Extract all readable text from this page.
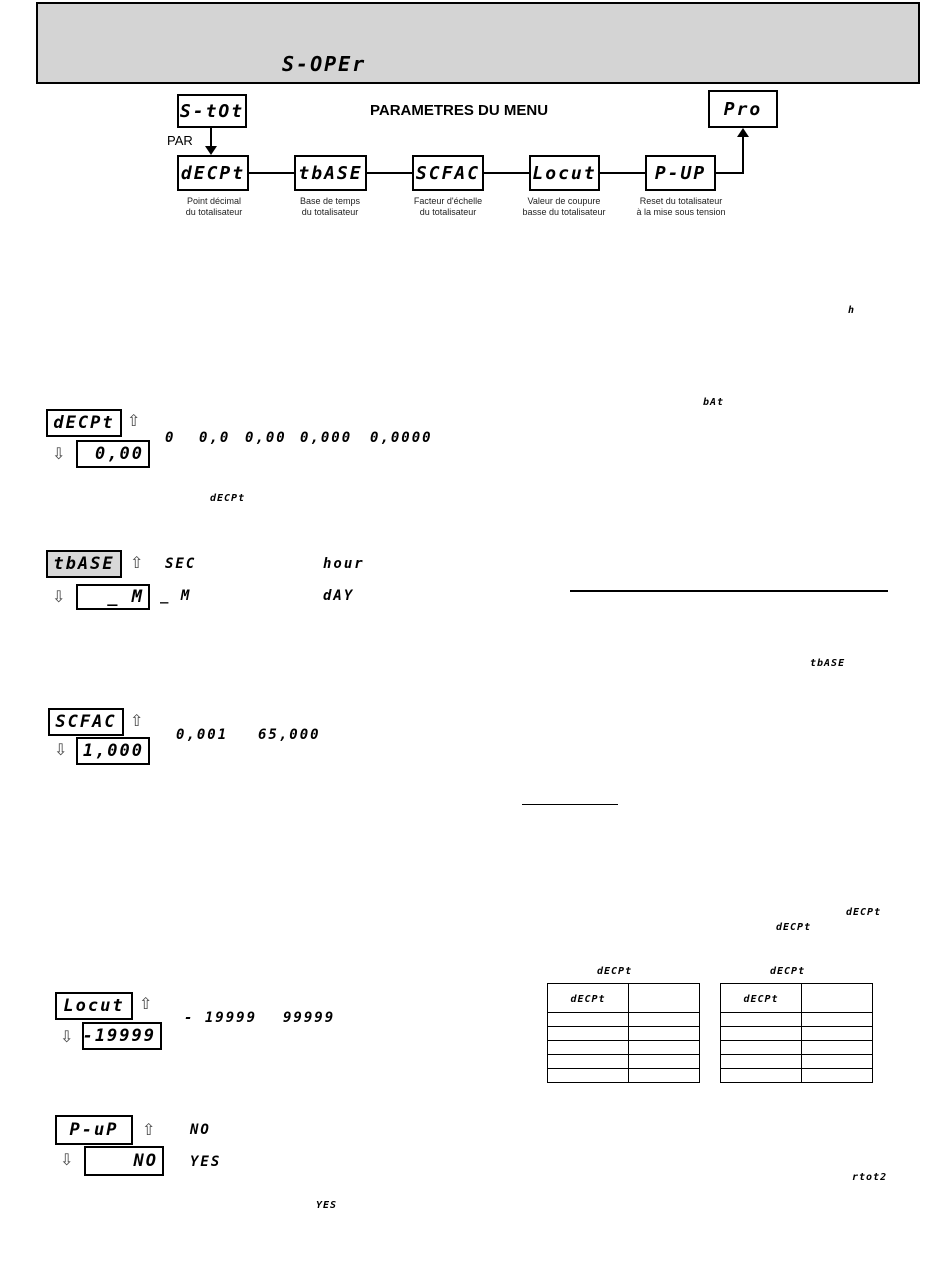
S-OPEr
S-tOt	PARAMETRES DU MENU	Pro
PAR
dECPt	tbASE	SCFAC	Locut	P-UP
Point décimal
du totalisateur
Base de temps
du totalisateur
Facteur d'échelle
du totalisateur
Valeur de coupure
basse du totalisateur
Reset du totalisateur
à la mise sous tension
h
bAt
dECPt ⇧
⇩ 0,00
0 0,0 0,00 0,000 0,0000
dECPt
tbASE ⇧
⇩ _ M
SEC	hour
_ M	dAY
tbASE
SCFAC ⇧
⇩ 1,000
0,001 65,000
dECPt
dECPt
dECPt	dECPt
dECPt	

		dECPt	

Locut ⇧
⇩ -19999
- 19999 99999
P-uP ⇧
⇩	NO
NO
YES
YES
rtot2
